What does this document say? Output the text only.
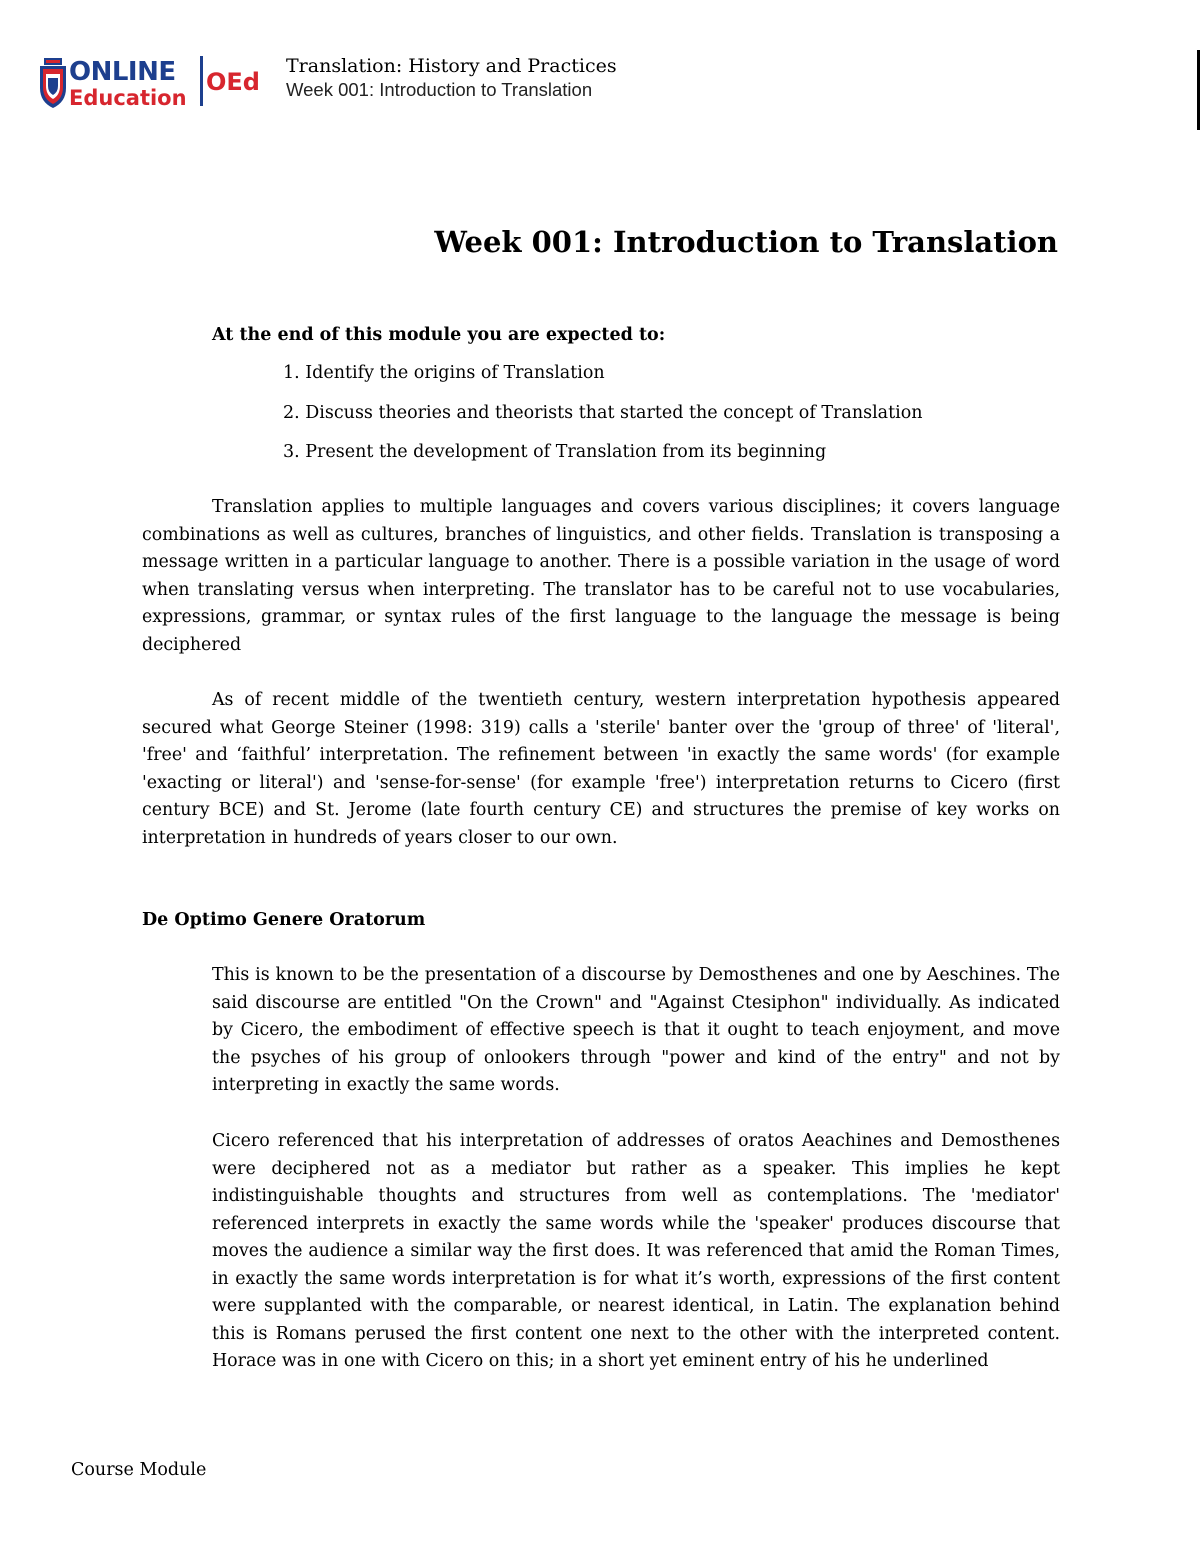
ONLINE
Education
OEd
Translation: History and Practices
Week 001: Introduction to Translation
Week 001: Introduction to Translation
At the end of this module you are expected to:
1. Identify the origins of Translation
2. Discuss theories and theorists that started the concept of Translation
3. Present the development of Translation from its beginning

Translation applies to multiple languages and covers various disciplines; it covers language combinations as well as cultures, branches of linguistics, and other fields. Translation is transposing a message written in a particular language to another. There is a possible variation in the usage of word when translating versus when interpreting. The translator has to be careful not to use vocabularies, expressions, grammar, or syntax rules of the first language to the language the message is being deciphered

As of recent middle of the twentieth century, western interpretation hypothesis appeared secured what George Steiner (1998: 319) calls a 'sterile' banter over the 'group of three' of 'literal', 'free' and ‘faithful’ interpretation. The refinement between 'in exactly the same words' (for example 'exacting or literal') and 'sense-for-sense' (for example 'free') interpretation returns to Cicero (first century BCE) and St. Jerome (late fourth century CE) and structures the premise of key works on interpretation in hundreds of years closer to our own.

De Optimo Genere Oratorum

This is known to be the presentation of a discourse by Demosthenes and one by Aeschines. The said discourse are entitled "On the Crown" and "Against Ctesiphon" individually. As indicated by Cicero, the embodiment of effective speech is that it ought to teach enjoyment, and move the psyches of his group of onlookers through "power and kind of the entry" and not by interpreting in exactly the same words.

Cicero referenced that his interpretation of addresses of oratos Aeachines and Demosthenes were deciphered not as a mediator but rather as a speaker. This implies he kept indistinguishable thoughts and structures from well as contemplations. The 'mediator' referenced interprets in exactly the same words while the 'speaker' produces discourse that moves the audience a similar way the first does. It was referenced that amid the Roman Times, in exactly the same words interpretation is for what it’s worth, expressions of the first content were supplanted with the comparable, or nearest identical, in Latin. The explanation behind this is Romans perused the first content one next to the other with the interpreted content. Horace was in one with Cicero on this; in a short yet eminent entry of his he underlined

Course Module
